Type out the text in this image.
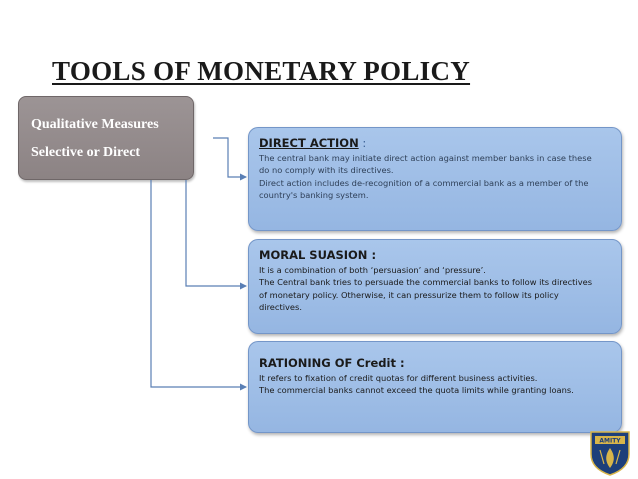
TOOLS OF MONETARY POLICY
Qualitative Measures
Selective or Direct
DIRECT ACTION :
The central bank may initiate direct action against member banks in case these
do no comply with its directives.
Direct action includes de-recognition of a commercial bank as a member of the
country's banking system.
MORAL SUASION :
It is a combination of both ‘persuasion’ and ‘pressure’.
The Central bank tries to persuade the commercial banks to follow its directives
of monetary policy. Otherwise, it can pressurize them to follow its policy
directives.
RATIONING OF Credit :
It refers to fixation of credit quotas for different business activities.
The commercial banks cannot exceed the quota limits while granting loans.
AMITY
